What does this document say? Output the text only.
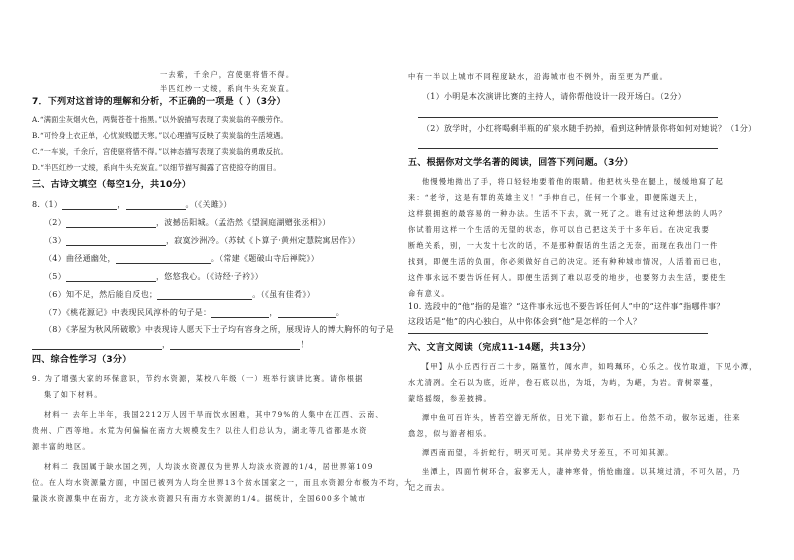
一去紫，千余户，宫使驱将惜不得。
半匹红纱一丈绫，系向牛头充炭直。
7．下列对这首诗的理解和分析，不正确的一项是（ ）（3分）
A.“满面尘灰烟火色，两鬓苍苍十指黑。”以外貌描写表现了卖炭翁的辛酸劳作。
B.“可怜身上衣正单，心忧炭贱愿天寒。”以心理描写反映了卖炭翁的生活境遇。
C.“一车炭，千余斤，宫使驱将惜不得。”以神态描写表现了卖炭翁的勇敢反抗。
D.“半匹红纱一丈绫，系向牛头充炭直。”以细节描写揭露了宫使掠夺的面目。
三、古诗文填空（每空1分，共10分）
8.（1）	，	。（《关雎》）
（2）	，波撼岳阳城。（孟浩然《望洞庭湖赠张丞相》）
（3）	，寂寞沙洲冷。（苏轼《卜算子·黄州定慧院寓居作》）
（4）曲径通幽处，	。（常建《题破山寺后禅院》）
（5）	，悠悠我心。（《诗经·子衿》）
（6）知不足，然后能自反也；	。（《虽有佳肴》）
（7）《桃花源记》中表现民风淳朴的句子是：	，	。
（8）《茅屋为秋风所破歌》中表现诗人愿天下士子均有容身之所，展现诗人的博大胸怀的句子是
，	！
四、综合性学习（3分）
9. 为了增强大家的环保意识，节约水资源，某校八年级（一）班举行演讲比赛。请你根据
集了如下材料。
材料一 去年上半年，我国2212万人因干旱而饮水困难，其中79%的人集中在江西、云南、
贵州、广西等地。水荒为何偏偏在南方大规模发生？以往人们总认为，湖北等几省都是水资
源丰富的地区。
材料二 我国属于缺水国之列，人均淡水资源仅为世界人均淡水资源的1/4，居世界第109
位。在人均水资源量方面，中国已被列为人均全世界13个贫水国家之一，而且水资源分布极为不均，大
量淡水资源集中在南方，北方淡水资源只有南方水资源的1/4。据统计，全国600多个城市
中有一半以上城市不同程度缺水，沿海城市也不例外，南至更为严重。
（1）小明是本次演讲比赛的主持人，请你帮他设计一段开场白。（2分）
（2）放学时，小红将喝剩半瓶的矿泉水随手扔掉，看到这种情景你将如何对她说？（1分）
五、根据你对文学名著的阅读，回答下列问题。（3分）
他慢慢地拗出了手，将口轻轻地要着他的眼睛。他把枕头垫在腿上，缓缓地寫了起
来：“老爷，这是有罪的英雄主义！”手伸自己，任何一个事业，即便陈迦天上，
这样狠拥抱的最容易的一种办法。生活不下去，就一死了之。谁有过这种想法的人吗？
你试着用这样一个生活的无望的状态，你可以自己把这关于十多年后。在决定我要
断绝关系，别，一大发十七次的话，不是那种假话的生活之无奈，而现在我出门一件
找到，即便生活的负面，你必须做好自己的决定。还有种种城市情况，人活着而已也，
这件事永远不要告诉任何人。即便生活到了难以忍受的地步，也要努力去生活，要使生
命有意义。
10. 选段中的“他”指的是谁？“这件事永远也不要告诉任何人”中的“这件事”指哪件事？
这段话是“他”的内心独白，从中你体会到“他”是怎样的一个人？
六、文言文阅读（完成11-14题，共13分）
【甲】从小丘西行百二十步，隔篁竹，闻水声，如鸣珮环，心乐之。伐竹取道，下见小潭，
水尤清冽。全石以为底，近岸，卷石底以出，为坻，为屿，为嵁，为岩。青树翠蔓，
蒙络摇缀，参差披拂。
潭中鱼可百许头，皆若空游无所依，日光下澈，影布石上。佁然不动，俶尔远逝，往来
翕忽，似与游者相乐。
潭西南而望，斗折蛇行，明灭可见。其岸势犬牙差互，不可知其源。
坐潭上，四面竹树环合，寂寥无人，凄神寒骨，悄怆幽邃。以其境过清，不可久居，乃
记之而去。
